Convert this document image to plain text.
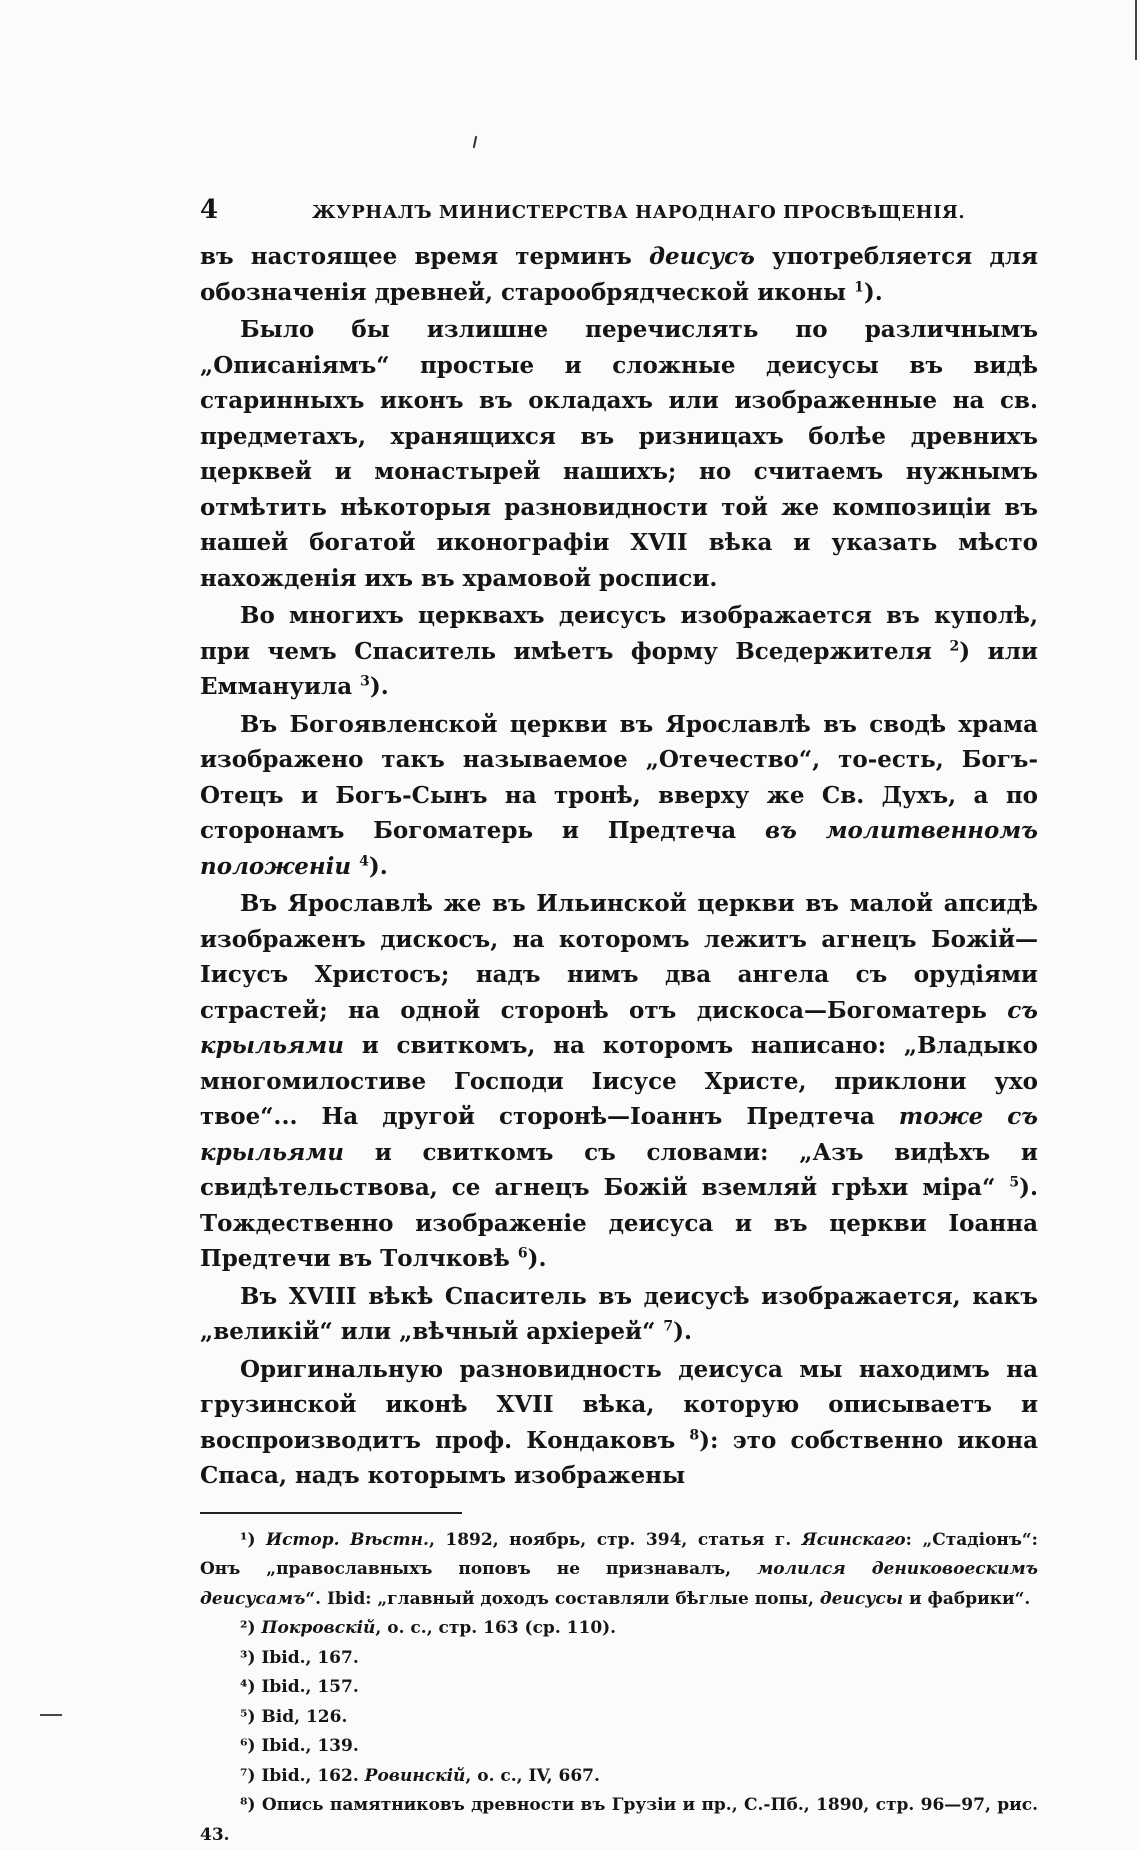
4	ЖУРНАЛЪ МИНИСТЕРСТВА НАРОДНАГО ПРОСВѢЩЕНІЯ.

въ настоящее время терминъ деисусъ употребляется для обозначенія древней, старообрядческой иконы $^1$).

Было бы излишне перечислять по различнымъ „Описаніямъ“ простые и сложные деисусы въ видѣ старинныхъ иконъ въ окладахъ или изображенные на св. предметахъ, хранящихся въ ризницахъ болѣе древнихъ церквей и монастырей нашихъ; но считаемъ нужнымъ отмѣтить нѣкоторыя разновидности той же композиціи въ нашей богатой иконографіи XVII вѣка и указать мѣсто нахожденія ихъ въ храмовой росписи.

Во многихъ церквахъ деисусъ изображается въ куполѣ, при чемъ Спаситель имѣетъ форму Вседержителя $^2$) или Еммануила $^3$).

Въ Богоявленской церкви въ Ярославлѣ въ сводѣ храма изображено такъ называемое „Отечество“, то-есть, Богъ-Отецъ и Богъ-Сынъ на тронѣ, вверху же Св. Духъ, а по сторонамъ Богоматерь и Предтеча въ молитвенномъ положеніи $^4$).

Въ Ярославлѣ же въ Ильинской церкви въ малой апсидѣ изображенъ дискосъ, на которомъ лежитъ агнецъ Божій—Іисусъ Христосъ; надъ нимъ два ангела съ орудіями страстей; на одной сторонѣ отъ дискоса—Богоматерь съ крыльями и свиткомъ, на которомъ написано: „Владыко многомилостиве Господи Іисусе Христе, приклони ухо твое“... На другой сторонѣ—Іоаннъ Предтеча тоже съ крыльями и свиткомъ съ словами: „Азъ видѣхъ и свидѣтельствова, се агнецъ Божій вземляй грѣхи міра“ $^5$). Тождественно изображеніе деисуса и въ церкви Іоанна Предтечи въ Толчковѣ $^6$).

Въ XVIII вѣкѣ Спаситель въ деисусѣ изображается, какъ „великій“ или „вѣчный архіерей“ $^7$).

Оригинальную разновидность деисуса мы находимъ на грузинской иконѣ XVII вѣка, которую описываетъ и воспроизводитъ проф. Кондаковъ $^8$): это собственно икона Спаса, надъ которымъ изображены

¹) Истор. Вѣстн., 1892, ноябрь, стр. 394, статья г. Ясинскаго: „Стадіонъ“: Онъ „православныхъ поповъ не признавалъ, молился дениковоескимъ деисусамъ“. Ibid: „главный доходъ составляли бѣглые попы, деисусы и фабрики“.
²) Покровскій, о. с., стр. 163 (ср. 110).
³) Ibid., 167.
⁴) Ibid., 157.
⁵) Bid, 126.
⁶) Ibid., 139.
⁷) Ibid., 162. Ровинскій, о. с., IV, 667.
⁸) Опись памятниковъ древности въ Грузіи и пр., С.-Пб., 1890, стр. 96—97, рис. 43.
